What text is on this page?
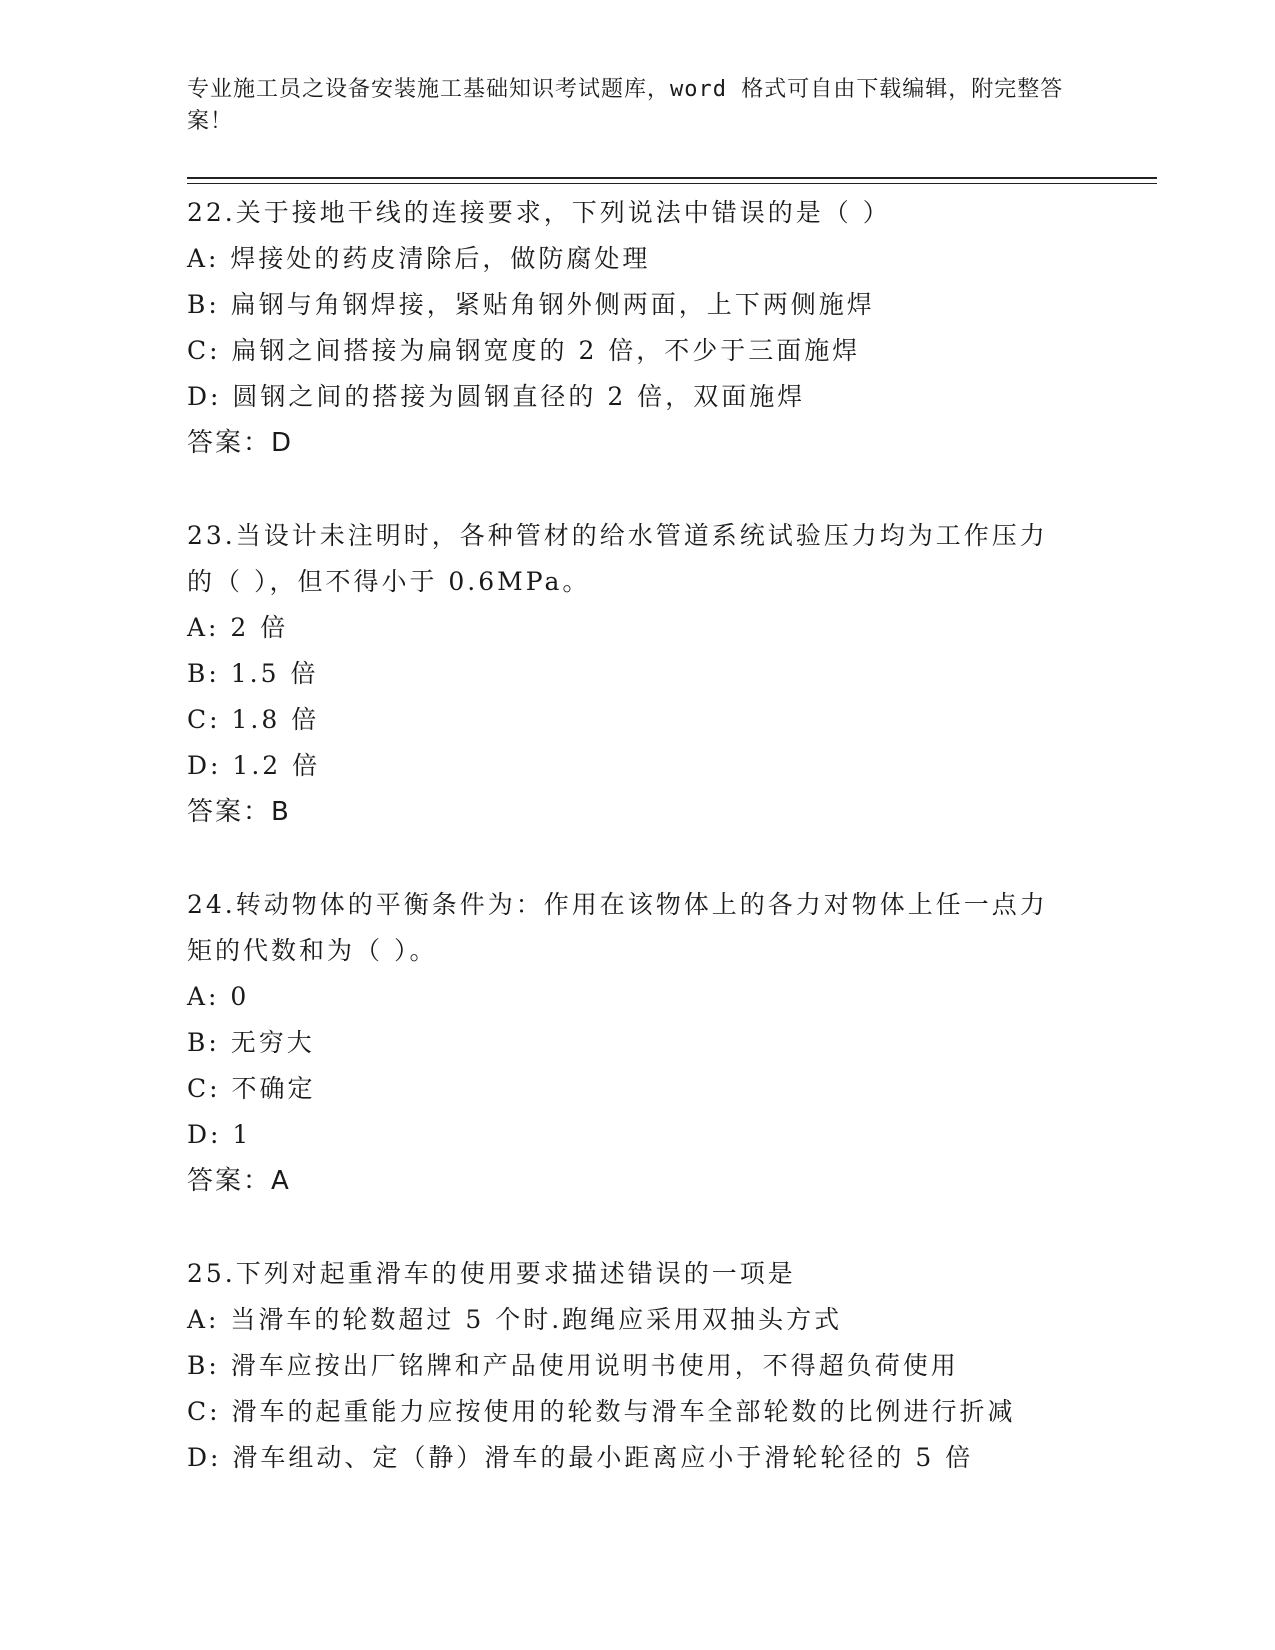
专业施工员之设备安装施工基础知识考试题库，word 格式可自由下载编辑，附完整答案！
22.关于接地干线的连接要求，下列说法中错误的是（ ）
A: 焊接处的药皮清除后，做防腐处理
B: 扁钢与角钢焊接，紧贴角钢外侧两面，上下两侧施焊
C: 扁钢之间搭接为扁钢宽度的 2 倍，不少于三面施焊
D: 圆钢之间的搭接为圆钢直径的 2 倍，双面施焊
答案：D
23.当设计未注明时，各种管材的给水管道系统试验压力均为工作压力的（ ），但不得小于 0.6MPa。
A: 2 倍
B: 1.5 倍
C: 1.8 倍
D: 1.2 倍
答案：B
24.转动物体的平衡条件为：作用在该物体上的各力对物体上任一点力矩的代数和为（ ）。
A: 0
B: 无穷大
C: 不确定
D: 1
答案：A
25.下列对起重滑车的使用要求描述错误的一项是
A: 当滑车的轮数超过 5 个时.跑绳应采用双抽头方式
B: 滑车应按出厂铭牌和产品使用说明书使用，不得超负荷使用
C: 滑车的起重能力应按使用的轮数与滑车全部轮数的比例进行折减
D: 滑车组动、定（静）滑车的最小距离应小于滑轮轮径的 5 倍
